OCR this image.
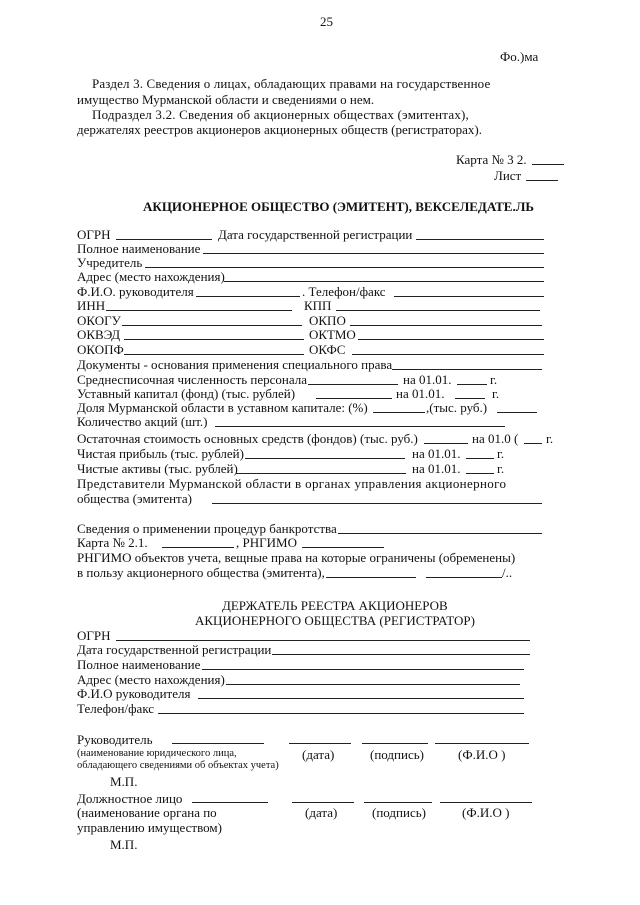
25
Фо.)ма
Раздел 3. Сведения о лицах, обладающих правами на государственное
имущество Мурманской области и сведениями о нем.
Подраздел 3.2. Сведения об акционерных обществах (эмитентах),
держателях реестров акционеров акционерных обществ (регистраторах).
Карта № 3 2.
Лист
АКЦИОНЕРНОЕ ОБЩЕСТВО (ЭМИТЕНТ), ВЕКСЕЛЕДАТЕ.ЛЬ
ОГРН	Дата государственной регистрации
Полное наименование
Учредитель
Адрес (место нахождения)
Ф.И.О. руководителя	. Телефон/факс
ИНН	КПП
ОКОГУ	ОКПО
ОКВЭД	ОКТМО
ОКОПФ	ОКФС
Документы - основания применения специального права
Среднесписочная численность персонала	на 01.01.	г.
Уставный капитал (фонд) (тыс. рублей)	на 01.01.	г.
Доля Мурманской области в уставном капитале: (%)	,(тыс. руб.)
Количество акций (шт.)
Остаточная стоимость основных средств (фондов) (тыс. руб.)	на 01.0 ( г.
Чистая прибыль (тыс. рублей)	на 01.01.	г.
Чистые активы (тыс. рублей)	на 01.01.	г.
Представители Мурманской области в органах управления акционерного
общества (эмитента)
Сведения о применении процедур банкротства
Карта № 2.1.	, РНГИМО
РНГИМО объектов учета, вещные права на которые ограничены (обременены)
в пользу акционерного общества (эмитента),	/..
ДЕРЖАТЕЛЬ РЕЕСТРА АКЦИОНЕРОВ
АКЦИОНЕРНОГО ОБЩЕСТВА (РЕГИСТРАТОР)
ОГРН
Дата государственной регистрации
Полное наименование
Адрес (место нахождения)
Ф.И.О руководителя
Телефон/факс
Руководитель
(наименование юридического лица,
обладающего сведениями об объектах учета)
(дата)	(подпись)	(Ф.И.О )
М.П.
Должностное лицо
(наименование органа по
управлению имуществом)
(дата)	(подпись)	(Ф.И.О )
М.П.
